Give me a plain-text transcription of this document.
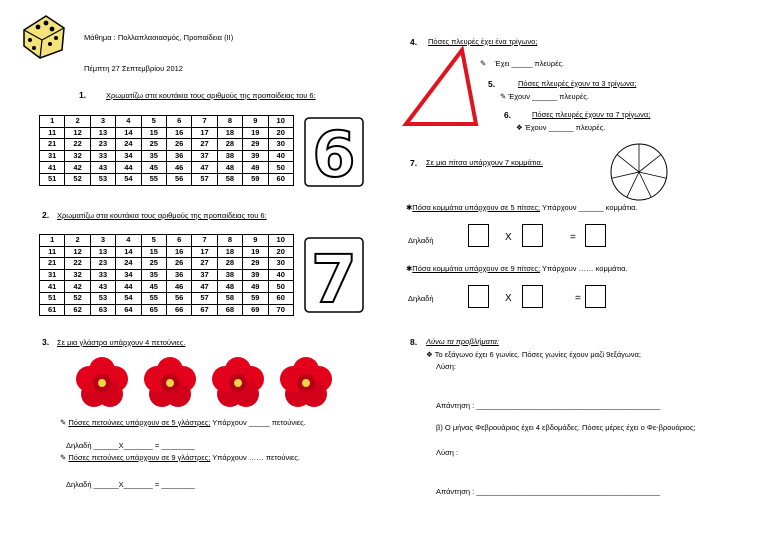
Μάθημα : Πολλαπλασιασμός, Προπαίδεια (ΙΙ)
Πέμπτη 27 Σεπτεμβρίου 2012
1.	Χρωματίζω στα κουτάκια τους αριθμούς της προπαίδειας του 6:
1	2	3	4	5	6	7	8	9	10
11	12	13	14	15	16	17	18	19	20
21	22	23	24	25	26	27	28	29	30
31	32	33	34	35	36	37	38	39	40
41	42	43	44	45	46	47	48	49	50
51	52	53	54	55	56	57	58	59	60 6
2. Χρωματίζω στα κουτάκια τους αριθμούς της προπαίδειας του 6:
1	2	3	4	5	6	7	8	9	10
11	12	13	14	15	16	17	18	19	20
21	22	23	24	25	26	27	28	29	30
31	32	33	34	35	36	37	38	39	40
41	42	43	44	45	46	47	48	49	50
51	52	53	54	55	56	57	58	59	60
61	62	63	64	65	66	67	68	69	70 7
3. Σε μια γλάστρα υπάρχουν 4 πετούνιες.
✎ Πόσες πετούνιες υπάρχουν σε 5 γλάστρες; Υπάρχουν _____ πετούνιες.
Δηλαδή ______Χ_______ = ________
✎ Πόσες πετούνιες υπάρχουν σε 9 γλάστρες; Υπάρχουν …… πετούνιες.
Δηλαδή ______Χ_______ = ________
4. Πόσες πλευρές έχει ένα τρίγωνο;
✎ Έχει _____ πλευρές.
5.	Πόσες πλευρές έχουν τα 3 τρίγωνα;
✎ Έχουν ______ πλευρές.
6.	Πόσες πλευρές έχουν τα 7 τρίγωνα;
❖ Έχουν ______ πλευρές.
7. Σε μια πίτσα υπάρχουν 7 κομμάτια.
✱Πόσα κομμάτια υπάρχουν σε 5 πίτσες; Υπάρχουν ______ κομμάτια.
Δηλαδή	Χ	=
✱Πόσα κομμάτια υπάρχουν σε 9 πίτσες; Υπάρχουν …… κομμάτια.
Δηλαδή	Χ	=
8. Λύνω τα προβλήματα:
❖ Το εξάγωνο έχει 6 γωνίες. Πόσες γωνίες έχουν μαζί 9εξάγωνα;
Λύση:
Απάντηση : ____________________________________________
β) Ο μήνας Φεβρουάριος έχει 4 εβδομάδες. Πόσες μέρες έχει ο Φε-βρουάριος;
Λύση :
Απάντηση : ____________________________________________
